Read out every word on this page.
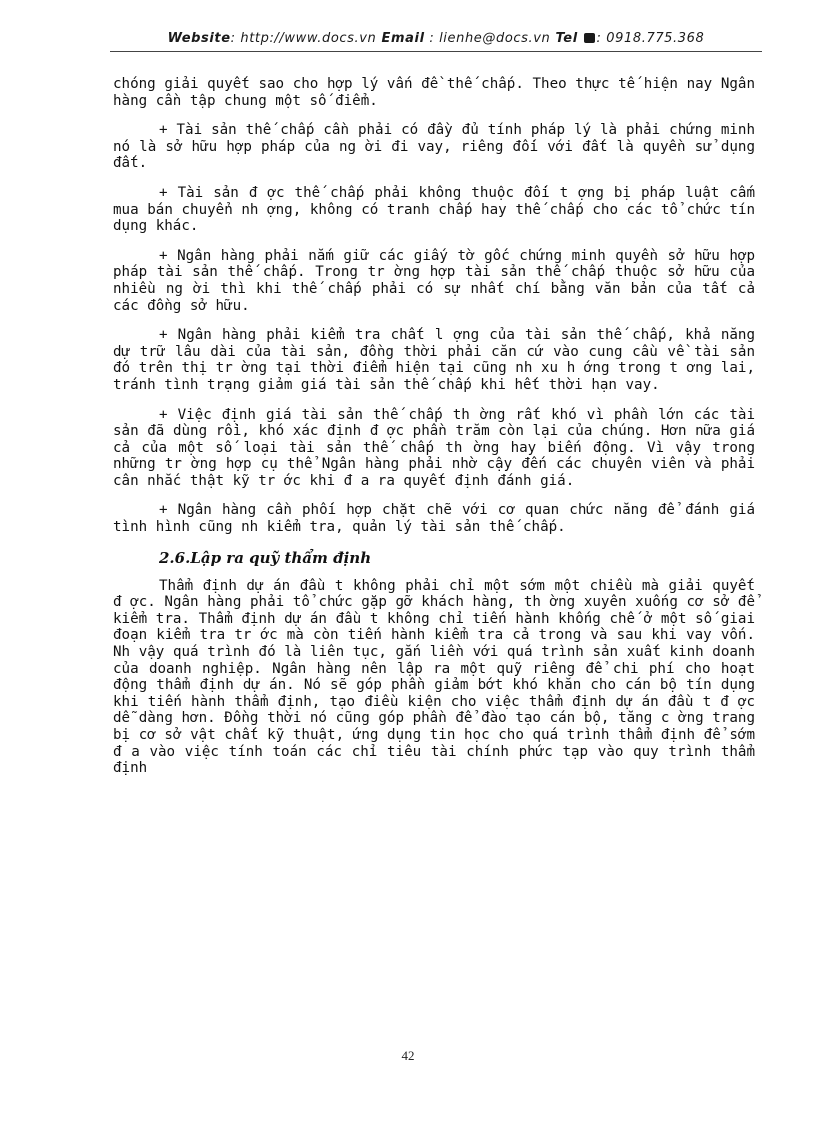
Website: http://www.docs.vn Email : lienhe@docs.vn Tel : 0918.775.368

chóng giải quyết sao cho hợp lý vấn đề thế chấp. Theo thực tế hiện nay Ngân hàng cần tập chung một số điểm.

+ Tài sản thế chấp cần phải có đầy đủ tính pháp lý là phải chứng minh nó là sở hữu hợp pháp của ng ời đi vay, riêng đối với đất là quyền sử dụng đất.

+ Tài sản đ ợc thế chấp phải không thuộc đối t ợng bị pháp luật cấm mua bán chuyển nh ợng, không có tranh chấp hay thế chấp cho các tổ chức tín dụng khác.

+ Ngân hàng phải nắm giữ các giấy tờ gốc chứng minh quyền sở hữu hợp pháp tài sản thế chấp. Trong tr ờng hợp tài sản thế chấp thuộc sở hữu của nhiều ng ời thì khi thế chấp phải có sự nhất chí bằng văn bản của tất cả các đồng sở hữu.

+ Ngân hàng phải kiểm tra chất l ợng của tài sản thế chấp, khả năng dự trữ lâu dài của tài sản, đồng thời phải căn cứ vào cung cầu về tài sản đó trên thị tr ờng tại thời điểm hiện tại cũng nh xu h ớng trong t ơng lai, tránh tình trạng giảm giá tài sản thế chấp khi hết thời hạn vay.

+ Việc định giá tài sản thế chấp th ờng rất khó vì phần lớn các tài sản đã dùng rồi, khó xác định đ ợc phần trăm còn lại của chúng. Hơn nữa giá cả của một số loại tài sản thế chấp th ờng hay biến động. Vì vậy trong những tr ờng hợp cụ thể Ngân hàng phải nhờ cậy đến các chuyên viên và phải cân nhắc thật kỹ tr ớc khi đ a ra quyết định đánh giá.

+ Ngân hàng cần phối hợp chặt chẽ với cơ quan chức năng để đánh giá tình hình cũng nh kiểm tra, quản lý tài sản thế chấp.

2.6.Lập ra quỹ thẩm định

Thẩm định dự án đầu t không phải chỉ một sớm một chiều mà giải quyết đ ợc. Ngân hàng phải tổ chức gặp gỡ khách hàng, th ờng xuyên xuống cơ sở để kiểm tra. Thẩm định dự án đầu t không chỉ tiến hành khống chế ở một số giai đoạn kiểm tra tr ớc mà còn tiến hành kiểm tra cả trong và sau khi vay vốn. Nh vậy quá trình đó là liên tục, gắn liền với quá trình sản xuất kinh doanh của doanh nghiệp. Ngân hàng nên lập ra một quỹ riêng để chi phí cho hoạt động thẩm định dự án. Nó sẽ góp phần giảm bớt khó khăn cho cán bộ tín dụng khi tiến hành thẩm định, tạo điều kiện cho việc thẩm định dự án đầu t đ ợc dễ dàng hơn. Đồng thời nó cũng góp phần để đào tạo cán bộ, tăng c ờng trang bị cơ sở vật chất kỹ thuật, ứng dụng tin học cho quá trình thẩm định để sớm đ a vào việc tính toán các chỉ tiêu tài chính phức tạp vào quy trình thẩm định

42
